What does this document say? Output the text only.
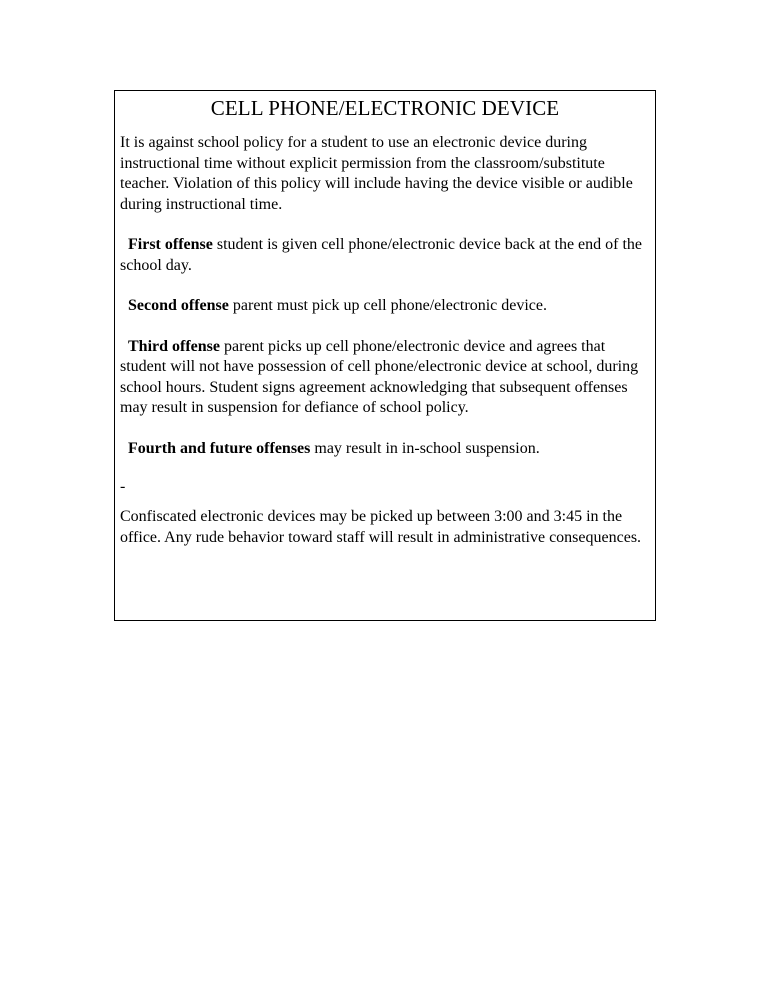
CELL PHONE/ELECTRONIC DEVICE

It is against school policy for a student to use an electronic device during instructional time without explicit permission from the classroom/substitute teacher. Violation of this policy will include having the device visible or audible during instructional time.

First offense student is given cell phone/electronic device back at the end of the school day.

Second offense parent must pick up cell phone/electronic device.

Third offense parent picks up cell phone/electronic device and agrees that student will not have possession of cell phone/electronic device at school, during school hours. Student signs agreement acknowledging that subsequent offenses may result in suspension for defiance of school policy.

Fourth and future offenses may result in in-school suspension.

-

Confiscated electronic devices may be picked up between 3:00 and 3:45 in the office. Any rude behavior toward staff will result in administrative consequences.
